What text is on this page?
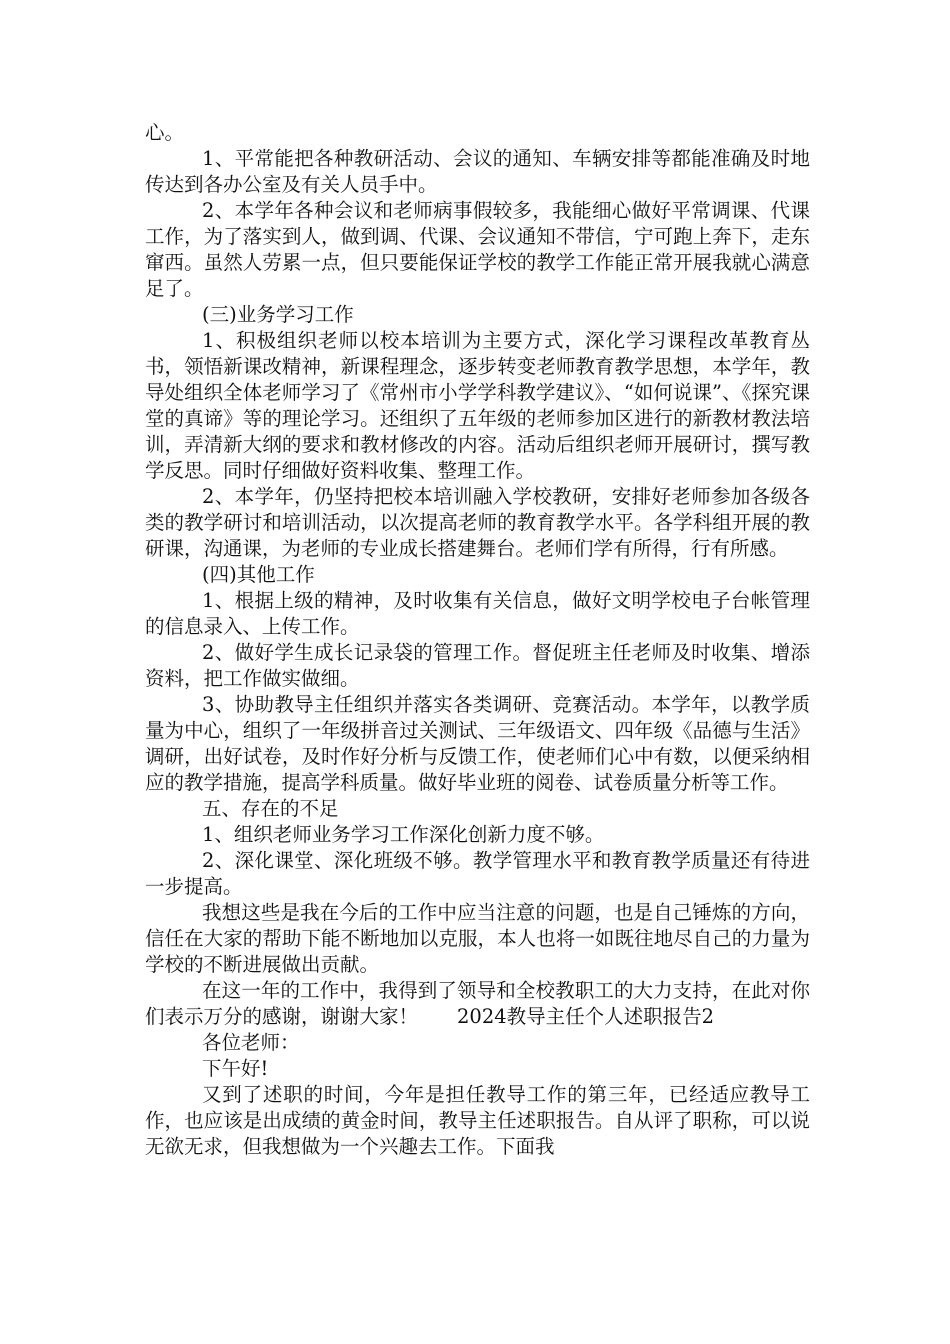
心。

1、平常能把各种教研活动、会议的通知、车辆安排等都能准确及时地传达到各办公室及有关人员手中。

2、本学年各种会议和老师病事假较多，我能细心做好平常调课、代课工作，为了落实到人，做到调、代课、会议通知不带信，宁可跑上奔下，走东窜西。虽然人劳累一点，但只要能保证学校的教学工作能正常开展我就心满意足了。

(三)业务学习工作

1、积极组织老师以校本培训为主要方式，深化学习课程改革教育丛书，领悟新课改精神，新课程理念，逐步转变老师教育教学思想，本学年，教导处组织全体老师学习了《常州市小学学科教学建议》、“如何说课”、《探究课堂的真谛》等的理论学习。还组织了五年级的老师参加区进行的新教材教法培训，弄清新大纲的要求和教材修改的内容。活动后组织老师开展研讨，撰写教学反思。同时仔细做好资料收集、整理工作。

2、本学年，仍坚持把校本培训融入学校教研，安排好老师参加各级各类的教学研讨和培训活动，以次提高老师的教育教学水平。各学科组开展的教研课，沟通课，为老师的专业成长搭建舞台。老师们学有所得，行有所感。

(四)其他工作

1、根据上级的精神，及时收集有关信息，做好文明学校电子台帐管理的信息录入、上传工作。

2、做好学生成长记录袋的管理工作。督促班主任老师及时收集、增添资料，把工作做实做细。

3、协助教导主任组织并落实各类调研、竞赛活动。本学年，以教学质量为中心，组织了一年级拼音过关测试、三年级语文、四年级《品德与生活》调研，出好试卷，及时作好分析与反馈工作，使老师们心中有数，以便采纳相应的教学措施，提高学科质量。做好毕业班的阅卷、试卷质量分析等工作。

五、存在的不足

1、组织老师业务学习工作深化创新力度不够。

2、深化课堂、深化班级不够。教学管理水平和教育教学质量还有待进一步提高。

我想这些是我在今后的工作中应当注意的问题，也是自己锤炼的方向，信任在大家的帮助下能不断地加以克服，本人也将一如既往地尽自己的力量为学校的不断进展做出贡献。

在这一年的工作中，我得到了领导和全校教职工的大力支持，在此对你们表示万分的感谢，谢谢大家！　　2024教导主任个人述职报告2

各位老师：

下午好!

又到了述职的时间，今年是担任教导工作的第三年，已经适应教导工作，也应该是出成绩的黄金时间，教导主任述职报告。自从评了职称，可以说无欲无求，但我想做为一个兴趣去工作。下面我
